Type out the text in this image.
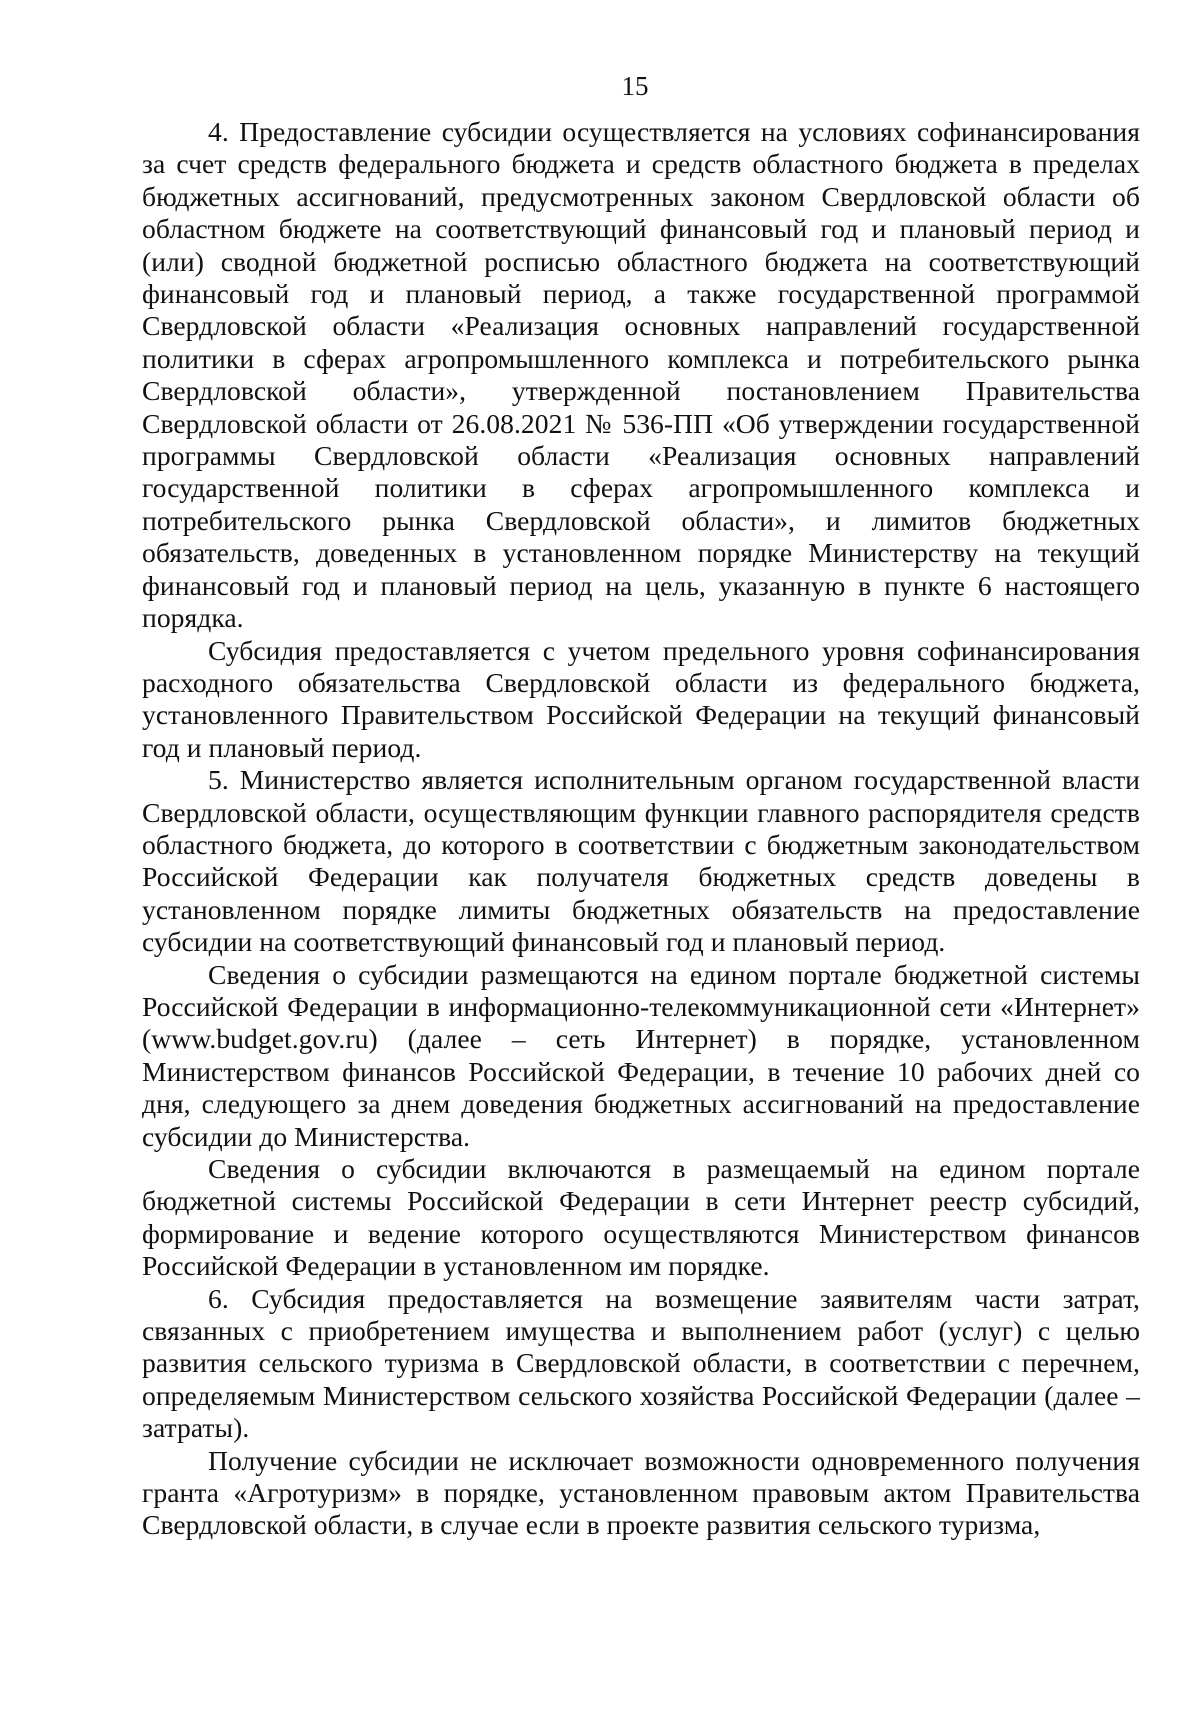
15

4. Предоставление субсидии осуществляется на условиях софинансирования за счет средств федерального бюджета и средств областного бюджета в пределах бюджетных ассигнований, предусмотренных законом Свердловской области об областном бюджете на соответствующий финансовый год и плановый период и (или) сводной бюджетной росписью областного бюджета на соответствующий финансовый год и плановый период, а также государственной программой Свердловской области «Реализация основных направлений государственной политики в сферах агропромышленного комплекса и потребительского рынка Свердловской области», утвержденной постановлением Правительства Свердловской области от 26.08.2021 № 536-ПП «Об утверждении государственной программы Свердловской области «Реализация основных направлений государственной политики в сферах агропромышленного комплекса и потребительского рынка Свердловской области», и лимитов бюджетных обязательств, доведенных в установленном порядке Министерству на текущий финансовый год и плановый период на цель, указанную в пункте 6 настоящего порядка.

Субсидия предоставляется с учетом предельного уровня софинансирования расходного обязательства Свердловской области из федерального бюджета, установленного Правительством Российской Федерации на текущий финансовый год и плановый период.

5. Министерство является исполнительным органом государственной власти Свердловской области, осуществляющим функции главного распорядителя средств областного бюджета, до которого в соответствии с бюджетным законодательством Российской Федерации как получателя бюджетных средств доведены в установленном порядке лимиты бюджетных обязательств на предоставление субсидии на соответствующий финансовый год и плановый период.

Сведения о субсидии размещаются на едином портале бюджетной системы Российской Федерации в информационно-телекоммуникационной сети «Интернет» (www.budget.gov.ru) (далее – сеть Интернет) в порядке, установленном Министерством финансов Российской Федерации, в течение 10 рабочих дней со дня, следующего за днем доведения бюджетных ассигнований на предоставление субсидии до Министерства.

Сведения о субсидии включаются в размещаемый на едином портале бюджетной системы Российской Федерации в сети Интернет реестр субсидий, формирование и ведение которого осуществляются Министерством финансов Российской Федерации в установленном им порядке.

6. Субсидия предоставляется на возмещение заявителям части затрат, связанных с приобретением имущества и выполнением работ (услуг) с целью развития сельского туризма в Свердловской области, в соответствии с перечнем, определяемым Министерством сельского хозяйства Российской Федерации (далее – затраты).

Получение субсидии не исключает возможности одновременного получения гранта «Агротуризм» в порядке, установленном правовым актом Правительства Свердловской области, в случае если в проекте развития сельского туризма,
